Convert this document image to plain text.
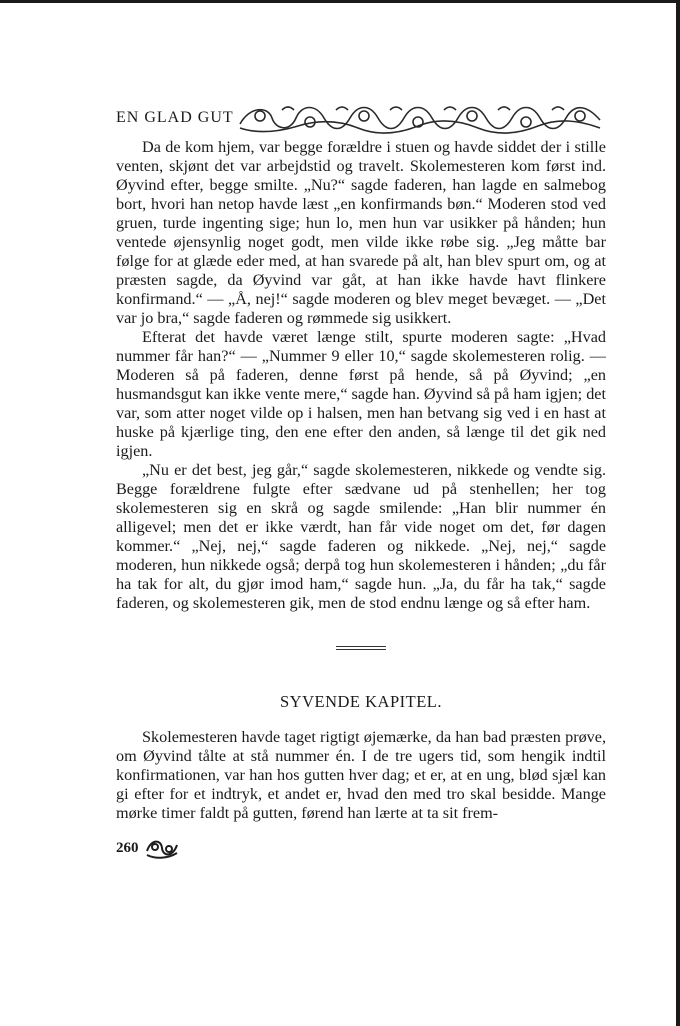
EN GLAD GUT

Da de kom hjem, var begge forældre i stuen og havde siddet der i stille venten, skjønt det var arbejdstid og travelt. Skolemesteren kom først ind. Øyvind efter, begge smilte. „Nu?“ sagde faderen, han lagde en salmebog bort, hvori han netop havde læst „en konfirmands bøn.“ Moderen stod ved gruen, turde ingenting sige; hun lo, men hun var usikker på hånden; hun ventede øjensynlig noget godt, men vilde ikke røbe sig. „Jeg måtte bar følge for at glæde eder med, at han svarede på alt, han blev spurt om, og at præsten sagde, da Øyvind var gåt, at han ikke havde havt flinkere konfirmand.“ — „Å, nej!“ sagde moderen og blev meget bevæget. — „Det var jo bra,“ sagde faderen og rømmede sig usikkert.

Efterat det havde været længe stilt, spurte moderen sagte: „Hvad nummer får han?“ — „Nummer 9 eller 10,“ sagde skolemesteren rolig. — Moderen så på faderen, denne først på hende, så på Øyvind; „en husmandsgut kan ikke vente mere,“ sagde han. Øyvind så på ham igjen; det var, som atter noget vilde op i halsen, men han betvang sig ved i en hast at huske på kjærlige ting, den ene efter den anden, så længe til det gik ned igjen.

„Nu er det best, jeg går,“ sagde skolemesteren, nikkede og vendte sig. Begge forældrene fulgte efter sædvane ud på stenhellen; her tog skolemesteren sig en skrå og sagde smilende: „Han blir nummer én alligevel; men det er ikke værdt, han får vide noget om det, før dagen kommer.“ „Nej, nej,“ sagde faderen og nikkede. „Nej, nej,“ sagde moderen, hun nikkede også; derpå tog hun skolemesteren i hånden; „du får ha tak for alt, du gjør imod ham,“ sagde hun. „Ja, du får ha tak,“ sagde faderen, og skolemesteren gik, men de stod endnu længe og så efter ham.

SYVENDE KAPITEL.

Skolemesteren havde taget rigtigt øjemærke, da han bad præsten prøve, om Øyvind tålte at stå nummer én. I de tre ugers tid, som hengik indtil konfirmationen, var han hos gutten hver dag; et er, at en ung, blød sjæl kan gi efter for et indtryk, et andet er, hvad den med tro skal besidde. Mange mørke timer faldt på gutten, førend han lærte at ta sit frem-

260
